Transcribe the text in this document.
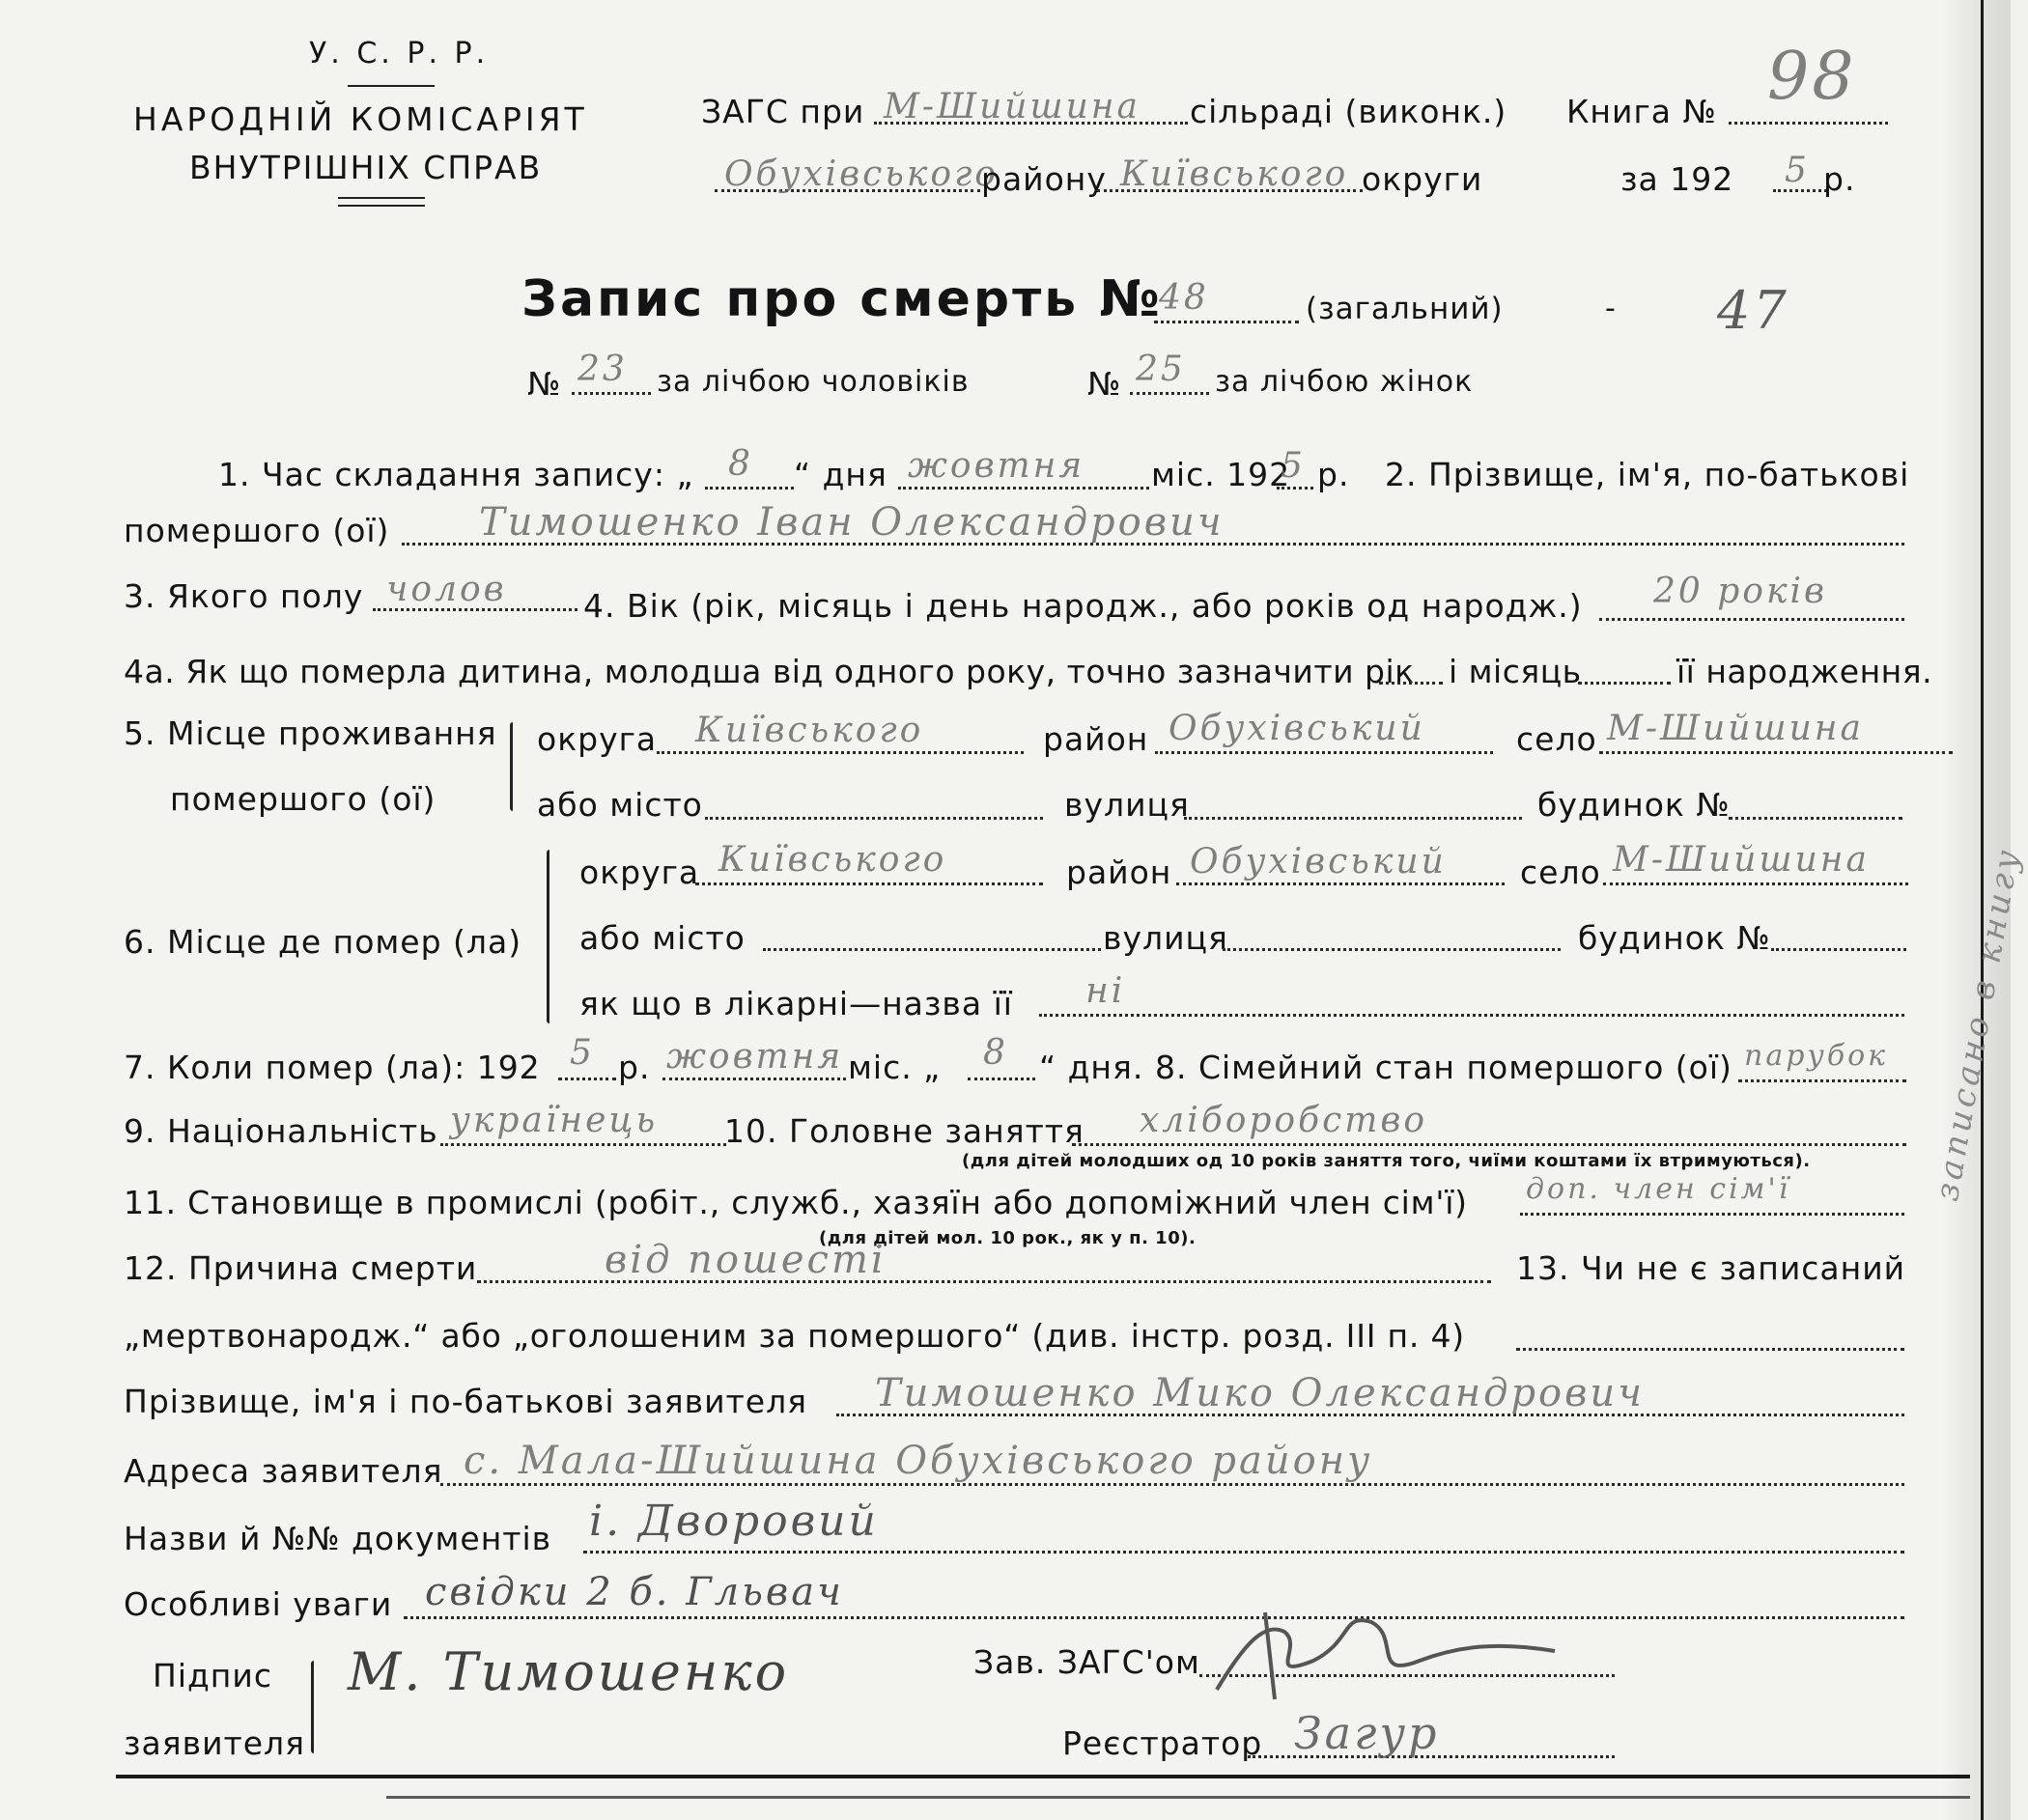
У. С. Р. Р.
НАРОДНІЙ КОМІСАРІЯТ
ВНУТРІШНІХ СПРАВ
ЗАГС при М-Шийшина сільраді (виконк.) Книга № 98
Обухівського
району Київського округи	за 192 5 р.
Запис про смерть №
48	(загальний)	- 47
№ 23 за лічбою чоловіків	№ 25 за лічбою жінок
1. Час складання запису: „ 8 “ дня жовтня міс. 192
5 р. 2. Прізвище, ім'я, по-батькові
помершого (ої) Тимошенко Іван Олександрович
3. Якого полу чолов 4. Вік (рік, місяць і день народж., або років од народж.) 20 років
4а. Як що померла дитина, молодша від одного року, точно зазначити рік і місяць	її народження.
5. Місце проживання
помершого (ої)
округа Київського	район Обухівський	село М-Шийшина
або місто	вулиця	будинок №
6. Місце де помер (ла)
округа Київського	район Обухівський село М-Шийшина
або місто	вулиця	будинок №
як що в лікарні—назва її ні
7. Коли помер (ла): 192 5 р. жовтня міс. „ 8 “ дня. 8. Сімейний стан помершого (ої) парубок
9. Національність українець 10. Головне заняття хліборобство
(для дітей молодших од 10 років заняття того, чиїми коштами їх втримуються).
11. Становище в промислі (робіт., служб., хазяїн або допоміжний член сім'ї) доп. член сім'ї
(для дітей мол. 10 рок., як у п. 10).
12. Причина смерти	від пошесті	13. Чи не є записаний
„мертвонародж.“ або „оголошеним за помершого“ (див. інстр. розд. III п. 4)
Прізвище, ім'я і по-батькові заявителя Тимошенко Мико Олександрович
Адреса заявителя с. Мала-Шийшина Обухівського району
Назви й №№ документів і. Дворовий
Особливі уваги свідки 2 б. Гльвач
Підпис
заявителя
М. Тимошенко	Зав. ЗАГС'ом
Реєстратор Загур
записано в книгу
